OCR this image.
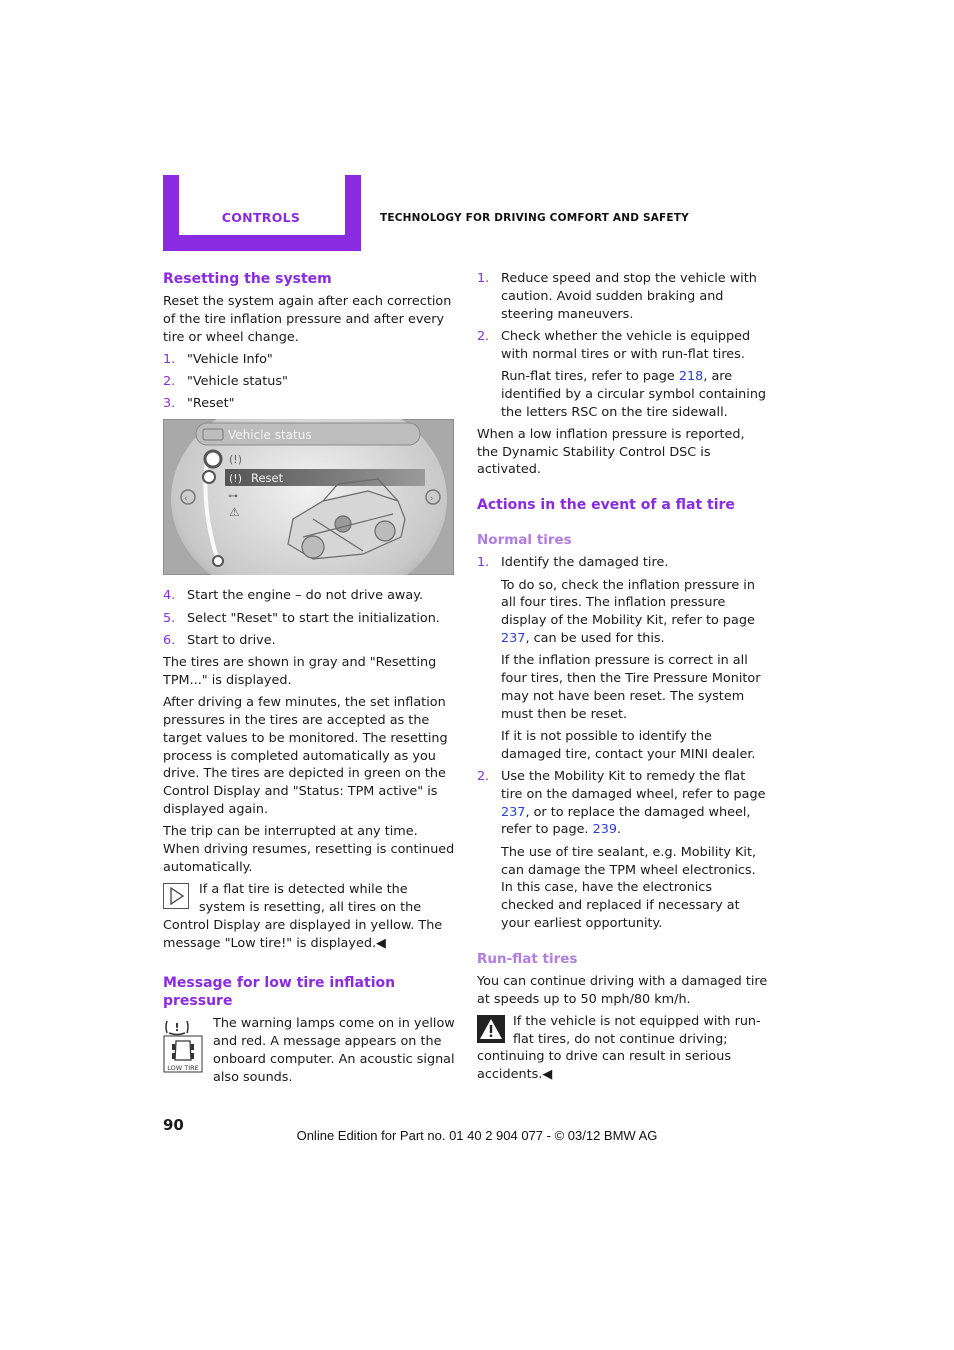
CONTROLS	TECHNOLOGY FOR DRIVING COMFORT AND SAFETY
Resetting the system

Reset the system again after each correction of the tire inflation pressure and after every tire or wheel change.

1. "Vehicle Info"
2. "Vehicle status"
3. "Reset"
Vehicle status
Reset
(!)
(!)
⊶
⚠
‹	›
4. Start the engine – do not drive away.
5. Select "Reset" to start the initialization.
6. Start to drive.

The tires are shown in gray and "Resetting TPM..." is displayed.

After driving a few minutes, the set inflation pressures in the tires are accepted as the target values to be monitored. The resetting process is completed automatically as you drive. The tires are depicted in green on the Control Display and "Status: TPM active" is displayed again.

The trip can be interrupted at any time. When driving resumes, resetting is continued automatically.

If a flat tire is detected while the system is resetting, all tires on the Control Display are displayed in yellow. The message "Low tire!" is displayed.◀
Message for low tire inflation pressure
!
LOW TIRE
The warning lamps come on in yellow and red. A message appears on the onboard computer. An acoustic signal also sounds.
1. Reduce speed and stop the vehicle with caution. Avoid sudden braking and steering maneuvers.
2. Check whether the vehicle is equipped with normal tires or with run-flat tires.

Run-flat tires, refer to page 218, are identified by a circular symbol containing the letters RSC on the tire sidewall.

When a low inflation pressure is reported, the Dynamic Stability Control DSC is activated.

Actions in the event of a flat tire
Normal tires
1. Identify the damaged tire.

To do so, check the inflation pressure in all four tires. The inflation pressure display of the Mobility Kit, refer to page 237, can be used for this.

If the inflation pressure is correct in all four tires, then the Tire Pressure Monitor may not have been reset. The system must then be reset.

If it is not possible to identify the damaged tire, contact your MINI dealer.

2. Use the Mobility Kit to remedy the flat tire on the damaged wheel, refer to page 237, or to replace the damaged wheel, refer to page. 239.

The use of tire sealant, e.g. Mobility Kit, can damage the TPM wheel electronics. In this case, have the electronics checked and replaced if necessary at your earliest opportunity.

Run-flat tires

You can continue driving with a damaged tire at speeds up to 50 mph/80 km/h.

If the vehicle is not equipped with run-flat tires, do not continue driving; continuing to drive can result in serious accidents.◀
90
Online Edition for Part no. 01 40 2 904 077 - © 03/12 BMW AG
